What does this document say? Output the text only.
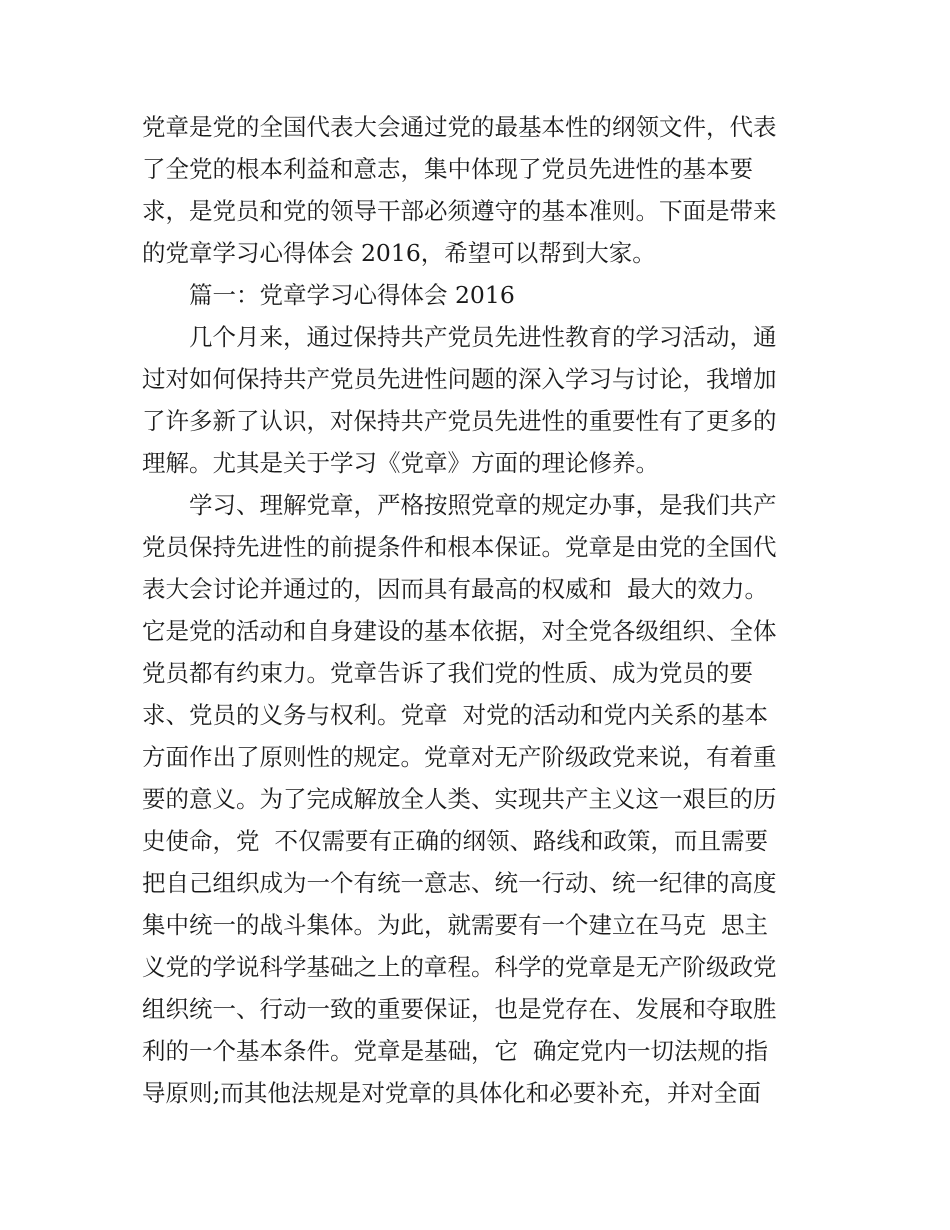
党章是党的全国代表大会通过党的最基本性的纲领文件，代表
了全党的根本利益和意志，集中体现了党员先进性的基本要
求，是党员和党的领导干部必须遵守的基本准则。下面是带来
的党章学习心得体会 2016，希望可以帮到大家。
篇一：党章学习心得体会 2016
几个月来，通过保持共产党员先进性教育的学习活动，通
过对如何保持共产党员先进性问题的深入学习与讨论，我增加
了许多新了认识，对保持共产党员先进性的重要性有了更多的
理解。尤其是关于学习《党章》方面的理论修养。
学习、理解党章，严格按照党章的规定办事，是我们共产
党员保持先进性的前提条件和根本保证。党章是由党的全国代
表大会讨论并通过的，因而具有最高的权威和  最大的效力。
它是党的活动和自身建设的基本依据，对全党各级组织、全体
党员都有约束力。党章告诉了我们党的性质、成为党员的要
求、党员的义务与权利。党章  对党的活动和党内关系的基本
方面作出了原则性的规定。党章对无产阶级政党来说，有着重
要的意义。为了完成解放全人类、实现共产主义这一艰巨的历
史使命，党  不仅需要有正确的纲领、路线和政策，而且需要
把自己组织成为一个有统一意志、统一行动、统一纪律的高度
集中统一的战斗集体。为此，就需要有一个建立在马克  思主
义党的学说科学基础之上的章程。科学的党章是无产阶级政党
组织统一、行动一致的重要保证，也是党存在、发展和夺取胜
利的一个基本条件。党章是基础，它  确定党内一切法规的指
导原则;而其他法规是对党章的具体化和必要补充，并对全面
